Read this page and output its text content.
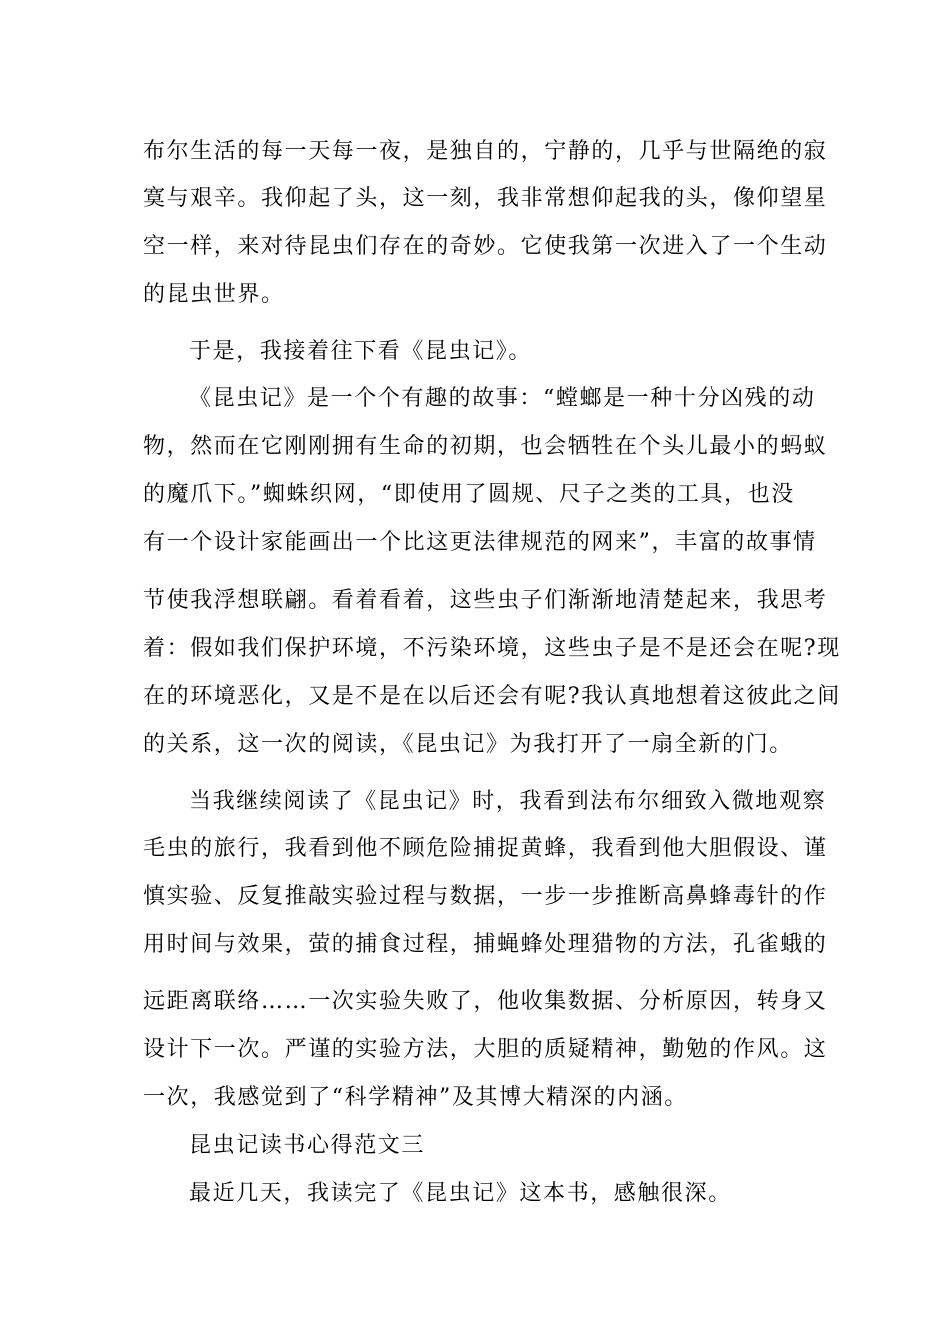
布尔生活的每一天每一夜，是独自的，宁静的，几乎与世隔绝的寂
寞与艰辛。我仰起了头，这一刻，我非常想仰起我的头，像仰望星
空一样，来对待昆虫们存在的奇妙。它使我第一次进入了一个生动
的昆虫世界。
于是，我接着往下看《昆虫记》。
《昆虫记》是一个个有趣的故事：“螳螂是一种十分凶残的动
物，然而在它刚刚拥有生命的初期，也会牺牲在个头儿最小的蚂蚁
的魔爪下。”蜘蛛织网，“即使用了圆规、尺子之类的工具，也没
有一个设计家能画出一个比这更法律规范的网来”，丰富的故事情
节使我浮想联翩。看着看着，这些虫子们渐渐地清楚起来，我思考
着：假如我们保护环境，不污染环境，这些虫子是不是还会在呢?现
在的环境恶化，又是不是在以后还会有呢?我认真地想着这彼此之间
的关系，这一次的阅读，《昆虫记》为我打开了一扇全新的门。
当我继续阅读了《昆虫记》时，我看到法布尔细致入微地观察
毛虫的旅行，我看到他不顾危险捕捉黄蜂，我看到他大胆假设、谨
慎实验、反复推敲实验过程与数据，一步一步推断高鼻蜂毒针的作
用时间与效果，萤的捕食过程，捕蝇蜂处理猎物的方法，孔雀蛾的
远距离联络……一次实验失败了，他收集数据、分析原因，转身又
设计下一次。严谨的实验方法，大胆的质疑精神，勤勉的作风。这
一次，我感觉到了“科学精神”及其博大精深的内涵。
昆虫记读书心得范文三
最近几天，我读完了《昆虫记》这本书，感触很深。
